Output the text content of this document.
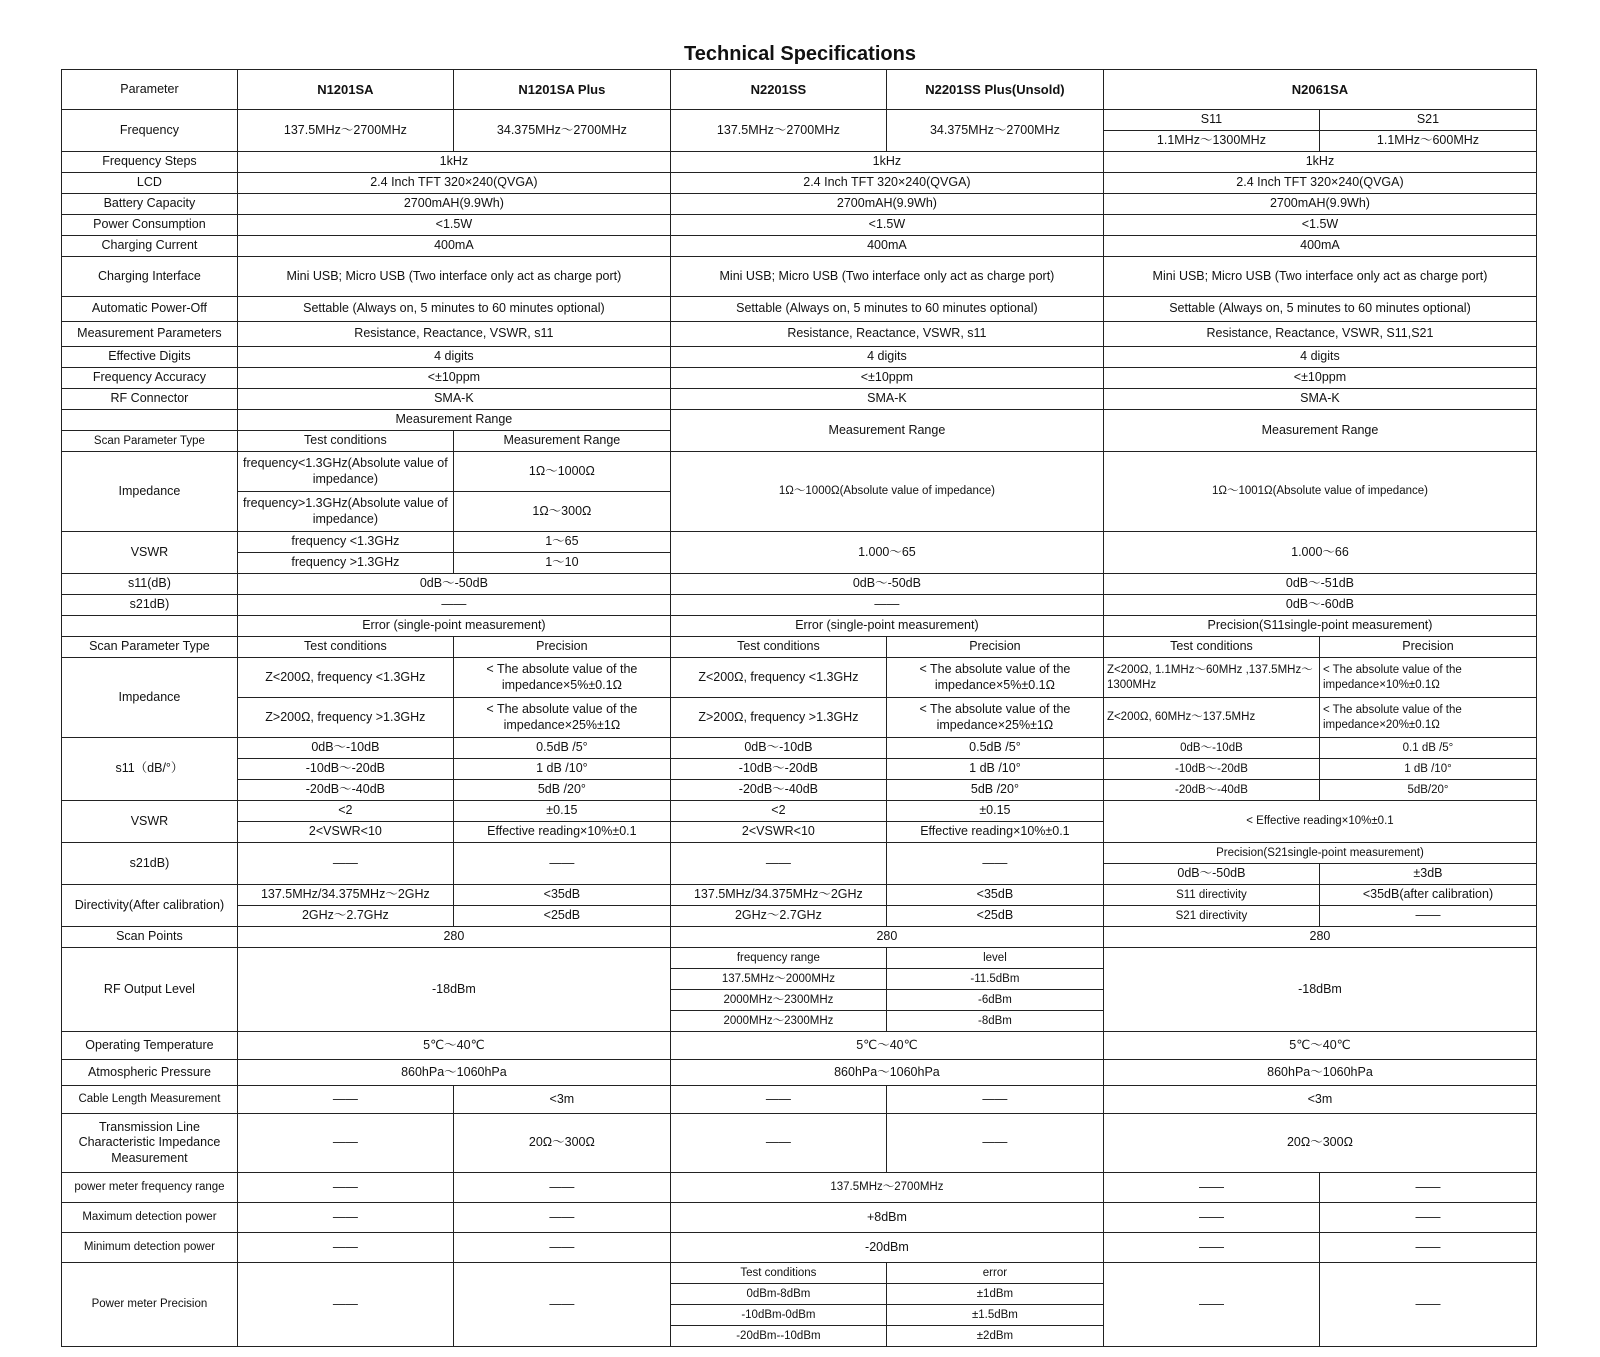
Technical Specifications
Parameter	N1201SA	N1201SA Plus	N2201SS	N2201SS Plus(Unsold)	N2061SA	
Frequency	137.5MHz～2700MHz	34.375MHz～2700MHz	137.5MHz～2700MHz	34.375MHz～2700MHz	S11	S21
					1.1MHz～1300MHz	1.1MHz～600MHz
Frequency Steps	1kHz		1kHz		1kHz	
LCD	2.4 Inch TFT 320×240(QVGA)		2.4 Inch TFT 320×240(QVGA)		2.4 Inch TFT 320×240(QVGA)	
Battery Capacity	2700mAH(9.9Wh)		2700mAH(9.9Wh)		2700mAH(9.9Wh)	
Power Consumption	<1.5W		<1.5W		<1.5W	
Charging Current	400mA		400mA		400mA	
Charging Interface	Mini USB; Micro USB (Two interface only act as charge port)		Mini USB; Micro USB (Two interface only act as charge port)		Mini USB; Micro USB (Two interface only act as charge port)	
Automatic Power-Off	Settable (Always on, 5 minutes to 60 minutes optional)		Settable (Always on, 5 minutes to 60 minutes optional)		Settable (Always on, 5 minutes to 60 minutes optional)	
Measurement Parameters	Resistance, Reactance, VSWR, s11		Resistance, Reactance, VSWR, s11		Resistance, Reactance, VSWR, S11,S21	
Effective Digits	4 digits		4 digits		4 digits	
Frequency Accuracy	<±10ppm		<±10ppm		<±10ppm	
RF Connector	SMA-K		SMA-K		SMA-K	
	Measurement Range		Measurement Range		Measurement Range	
Scan Parameter Type	Test conditions	Measurement Range				
Impedance	frequency<1.3GHz(Absolute value of impedance)	1Ω～1000Ω	1Ω～1000Ω(Absolute value of impedance)		1Ω～1001Ω(Absolute value of impedance)	
	frequency>1.3GHz(Absolute value of impedance)	1Ω～300Ω				
VSWR	frequency <1.3GHz	1～65	1.000～65		1.000～66	
	frequency >1.3GHz	1～10				
s11(dB)	0dB～-50dB		0dB～-50dB		0dB～-51dB	
s21dB)	——		——		0dB～-60dB	
	Error (single-point measurement)		Error (single-point measurement)		Precision(S11single-point measurement)	
Scan Parameter Type	Test conditions	Precision	Test conditions	Precision	Test conditions	Precision
Impedance	Z<200Ω, frequency <1.3GHz	< The absolute value of the impedance×5%±0.1Ω	Z<200Ω, frequency <1.3GHz	< The absolute value of the impedance×5%±0.1Ω	Z<200Ω, 1.1MHz～60MHz ,137.5MHz～1300MHz	< The absolute value of the impedance×10%±0.1Ω
	Z>200Ω, frequency >1.3GHz	< The absolute value of the impedance×25%±1Ω	Z>200Ω, frequency >1.3GHz	< The absolute value of the impedance×25%±1Ω	Z<200Ω, 60MHz～137.5MHz	< The absolute value of the impedance×20%±0.1Ω
s11（dB/°）	0dB～-10dB	0.5dB /5°	0dB～-10dB	0.5dB /5°	0dB～-10dB	0.1 dB /5°
	-10dB～-20dB	1 dB /10°	-10dB～-20dB	1 dB /10°	-10dB～-20dB	1 dB /10°
	-20dB～-40dB	5dB /20°	-20dB～-40dB	5dB /20°	-20dB～-40dB	5dB/20°
VSWR	<2	±0.15	<2	±0.15	< Effective reading×10%±0.1	
	2<VSWR<10	Effective reading×10%±0.1	2<VSWR<10	Effective reading×10%±0.1		
s21dB)	——	——	——	——	Precision(S21single-point measurement)	
					0dB～-50dB	±3dB
Directivity(After calibration)	137.5MHz/34.375MHz～2GHz	<35dB	137.5MHz/34.375MHz～2GHz	<35dB	S11 directivity	<35dB(after calibration)
	2GHz～2.7GHz	<25dB	2GHz～2.7GHz	<25dB	S21 directivity	——
Scan Points	280		280		280	
RF Output Level	-18dBm		frequency range	level	-18dBm	
			137.5MHz～2000MHz	-11.5dBm		
			2000MHz～2300MHz	-6dBm		
			2000MHz～2300MHz	-8dBm		
Operating Temperature	5℃～40℃		5℃～40℃		5℃～40℃	
Atmospheric Pressure	860hPa～1060hPa		860hPa～1060hPa		860hPa～1060hPa	
Cable Length Measurement	——	<3m	——	——	<3m	
Transmission Line Characteristic Impedance Measurement	——	20Ω～300Ω	——	——	20Ω～300Ω	
power meter frequency range	——	——	137.5MHz～2700MHz		——	——
Maximum detection power	——	——	+8dBm		——	——
Minimum detection power	——	——	-20dBm		——	——
Power meter Precision	——	——	Test conditions	error	——	——
			0dBm-8dBm	±1dBm		
			-10dBm-0dBm	±1.5dBm		
			-20dBm--10dBm	±2dBm		
